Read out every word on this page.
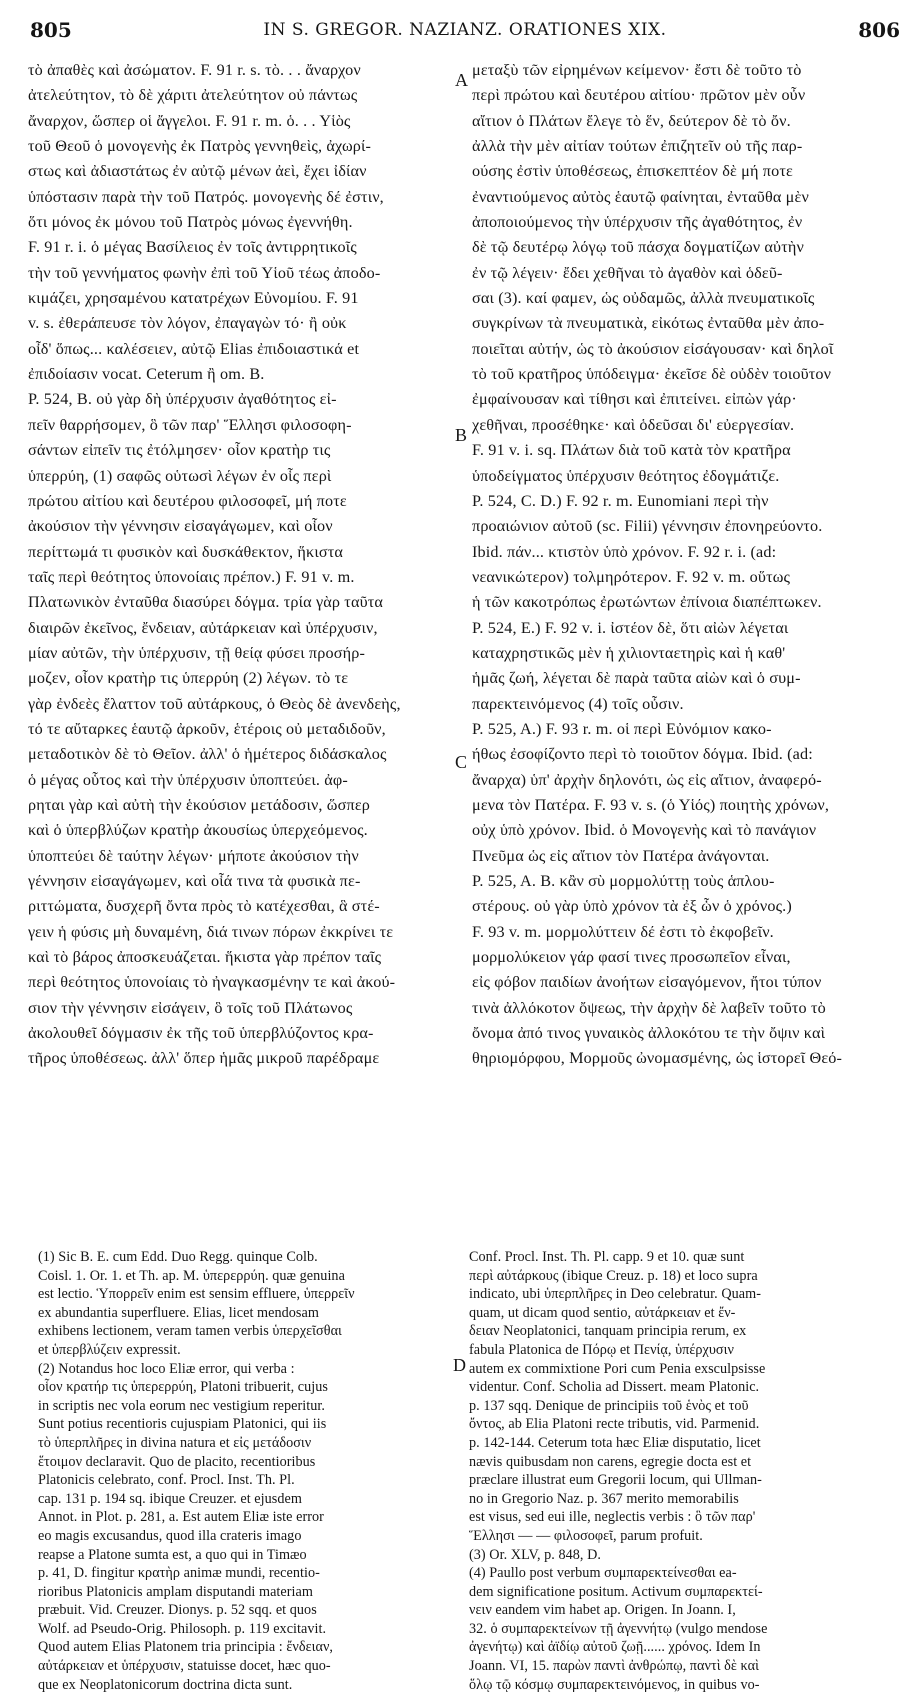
805	IN S. GREGOR. NAZIANZ. ORATIONES XIX.	806
τὸ ἀπαθὲς καὶ ἀσώματον. F. 91 r. s. τὸ. . . ἄναρχον
ἀτελεύτητον, τὸ δὲ χάριτι ἀτελεύτητον οὐ πάντως
ἄναρχον, ὥσπερ οἱ ἄγγελοι. F. 91 r. m. ὁ. . . Υἱὸς
τοῦ Θεοῦ ὁ μονογενὴς ἐκ Πατρὸς γεννηθεὶς, ἀχωρί-
στως καὶ ἀδιαστάτως ἐν αὐτῷ μένων ἀεὶ, ἔχει ἰδίαν
ὑπόστασιν παρὰ τὴν τοῦ Πατρός. μονογενὴς δέ ἐστιν,
ὅτι μόνος ἐκ μόνου τοῦ Πατρὸς μόνως ἐγεννήθη.
F. 91 r. i. ὁ μέγας Βασίλειος ἐν τοῖς ἀντιρρητικοῖς
τὴν τοῦ γεννήματος φωνὴν ἐπὶ τοῦ Υἱοῦ τέως ἀποδο-
κιμάζει, χρησαμένου κατατρέχων Εὐνομίου. F. 91
v. s. ἐθεράπευσε τὸν λόγον, ἐπαγαγὼν τό· ἢ οὐκ
οἶδ' ὅπως... καλέσειεν, αὐτῷ Elias ἐπιδοιαστικά et
ἐπιδοίασιν vocat. Ceterum ἢ om. B.
P. 524, B. οὐ γὰρ δὴ ὑπέρχυσιν ἀγαθότητος εἰ-
πεῖν θαρρήσομεν, ὃ τῶν παρ' Ἕλλησι φιλοσοφη-
σάντων εἰπεῖν τις ἐτόλμησεν· οἷον κρατὴρ τις
ὑπερρύη, (1) σαφῶς οὑτωσὶ λέγων ἐν οἷς περὶ
πρώτου αἰτίου καὶ δευτέρου φιλοσοφεῖ, μή ποτε
ἀκούσιον τὴν γέννησιν εἰσαγάγωμεν, καὶ οἷον
περίττωμά τι φυσικὸν καὶ δυσκάθεκτον, ἥκιστα
ταῖς περὶ θεότητος ὑπονοίαις πρέπον.) F. 91 v. m.
Πλατωνικὸν ἐνταῦθα διασύρει δόγμα. τρία γὰρ ταῦτα
διαιρῶν ἐκεῖνος, ἔνδειαν, αὐτάρκειαν καὶ ὑπέρχυσιν,
μίαν αὐτῶν, τὴν ὑπέρχυσιν, τῇ θείᾳ φύσει προσήρ-
μοζεν, οἷον κρατὴρ τις ὑπερρύη (2) λέγων. τὸ τε
γὰρ ἐνδεὲς ἔλαττον τοῦ αὐτάρκους, ὁ Θεὸς δὲ ἀνενδεὴς,
τό τε αὔταρκες ἑαυτῷ ἀρκοῦν, ἑτέροις οὐ μεταδιδοῦν,
μεταδοτικὸν δὲ τὸ Θεῖον. ἀλλ' ὁ ἡμέτερος διδάσκαλος
ὁ μέγας οὗτος καὶ τὴν ὑπέρχυσιν ὑποπτεύει. ἀφ-
ρηται γὰρ καὶ αὐτὴ τὴν ἑκούσιον μετάδοσιν, ὥσπερ
καὶ ὁ ὑπερβλύζων κρατὴρ ἀκουσίως ὑπερχεόμενος.
ὑποπτεύει δὲ ταύτην λέγων· μήποτε ἀκούσιον τὴν
γέννησιν εἰσαγάγωμεν, καὶ οἷά τινα τὰ φυσικὰ πε-
ριττώματα, δυσχερῆ ὄντα πρὸς τὸ κατέχεσθαι, ἃ στέ-
γειν ἡ φύσις μὴ δυναμένη, διά τινων πόρων ἐκκρίνει τε
καὶ τὸ βάρος ἀποσκευάζεται. ἥκιστα γὰρ πρέπον ταῖς
περὶ θεότητος ὑπονοίαις τὸ ἠναγκασμένην τε καὶ ἀκού-
σιον τὴν γέννησιν εἰσάγειν, ὃ τοῖς τοῦ Πλάτωνος
ἀκολουθεῖ δόγμασιν ἐκ τῆς τοῦ ὑπερβλύζοντος κρα-
τῆρος ὑποθέσεως. ἀλλ' ὅπερ ἡμᾶς μικροῦ παρέδραμε
μεταξὺ τῶν εἰρημένων κείμενον· ἔστι δὲ τοῦτο τὸ
περὶ πρώτου καὶ δευτέρου αἰτίου· πρῶτον μὲν οὖν
αἴτιον ὁ Πλάτων ἔλεγε τὸ ἕν, δεύτερον δὲ τὸ ὄν.
ἀλλὰ τὴν μὲν αἰτίαν τούτων ἐπιζητεῖν οὐ τῆς παρ-
ούσης ἐστὶν ὑποθέσεως, ἐπισκεπτέον δὲ μή ποτε
ἐναντιούμενος αὐτὸς ἑαυτῷ φαίνηται, ἐνταῦθα μὲν
ἀποποιούμενος τὴν ὑπέρχυσιν τῆς ἀγαθότητος, ἐν
δὲ τῷ δευτέρῳ λόγῳ τοῦ πάσχα δογματίζων αὐτὴν
ἐν τῷ λέγειν· ἔδει χεθῆναι τὸ ἀγαθὸν καὶ ὁδεῦ-
σαι (3). καί φαμεν, ὡς οὐδαμῶς, ἀλλὰ πνευματικοῖς
συγκρίνων τὰ πνευματικὰ, εἰκότως ἐνταῦθα μὲν ἀπο-
ποιεῖται αὐτήν, ὡς τὸ ἀκούσιον εἰσάγουσαν· καὶ δηλοῖ
τὸ τοῦ κρατῆρος ὑπόδειγμα· ἐκεῖσε δὲ οὐδὲν τοιοῦτον
ἐμφαίνουσαν καὶ τίθησι καὶ ἐπιτείνει. εἰπὼν γάρ·
χεθῆναι, προσέθηκε· καὶ ὁδεῦσαι δι' εὐεργεσίαν.
F. 91 v. i. sq. Πλάτων διὰ τοῦ κατὰ τὸν κρατῆρα
ὑποδείγματος ὑπέρχυσιν θεότητος ἐδογμάτιζε.
P. 524, C. D.) F. 92 r. m. Eunomiani περὶ τὴν
προαιώνιον αὐτοῦ (sc. Filii) γέννησιν ἐπονηρεύοντο.
Ibid. πάν... κτιστὸν ὑπὸ χρόνον. F. 92 r. i. (ad:
νεανικώτερον) τολμηρότερον. F. 92 v. m. οὕτως
ἡ τῶν κακοτρόπως ἐρωτώντων ἐπίνοια διαπέπτωκεν.
P. 524, E.) F. 92 v. i. ἰστέον δὲ, ὅτι αἰὼν λέγεται
καταχρηστικῶς μὲν ἡ χιλιονταετηρὶς καὶ ἡ καθ'
ἡμᾶς ζωή, λέγεται δὲ παρὰ ταῦτα αἰὼν καὶ ὁ συμ-
παρεκτεινόμενος (4) τοῖς οὖσιν.
P. 525, A.) F. 93 r. m. οἱ περὶ Εὐνόμιον κακο-
ήθως ἐσοφίζοντο περὶ τὸ τοιοῦτον δόγμα. Ibid. (ad:
ἄναρχα) ὑπ' ἀρχὴν δηλονότι, ὡς εἰς αἴτιον, ἀναφερό-
μενα τὸν Πατέρα. F. 93 v. s. (ὁ Υἱός) ποιητὴς χρόνων,
οὐχ ὑπὸ χρόνον. Ibid. ὁ Μονογενὴς καὶ τὸ πανάγιον
Πνεῦμα ὡς εἰς αἴτιον τὸν Πατέρα ἀνάγονται.
P. 525, A. B. κἂν σὺ μορμολύττῃ τοὺς ἁπλου-
στέρους. οὐ γὰρ ὑπὸ χρόνον τὰ ἐξ ὧν ὁ χρόνος.)
F. 93 v. m. μορμολύττειν δέ ἐστι τὸ ἐκφοβεῖν.
μορμολύκειον γάρ φασί τινες προσωπεῖον εἶναι,
εἰς φόβον παιδίων ἀνοήτων εἰσαγόμενον, ἤτοι τύπον
τινὰ ἀλλόκοτον ὄψεως, τὴν ἀρχὴν δὲ λαβεῖν τοῦτο τὸ
ὄνομα ἀπό τινος γυναικὸς ἀλλοκότου τε τὴν ὄψιν καὶ
θηριομόρφου, Μορμοῦς ὠνομασμένης, ὡς ἱστορεῖ Θεό-
A
B
C
D
(1) Sic B. E. cum Edd. Duo Regg. quinque Colb.
Coisl. 1. Or. 1. et Th. ap. M. ὑπερερρύη. quæ genuina
est lectio. Ὑπορρεῖν enim est sensim effluere, ὑπερρεῖν
ex abundantia superfluere. Elias, licet mendosam
exhibens lectionem, veram tamen verbis ὑπερχεῖσθαι
et ὑπερβλύζειν expressit.
(2) Notandus hoc loco Eliæ error, qui verba :
οἷον κρατήρ τις ὑπερερρύη, Platoni tribuerit, cujus
in scriptis nec vola eorum nec vestigium reperitur.
Sunt potius recentioris cujuspiam Platonici, qui iis
τὸ ὑπερπλῆρες in divina natura et εἰς μετάδοσιν
ἕτοιμον declaravit. Quo de placito, recentioribus
Platonicis celebrato, conf. Procl. Inst. Th. Pl.
cap. 131 p. 194 sq. ibique Creuzer. et ejusdem
Annot. in Plot. p. 281, a. Est autem Eliæ iste error
eo magis excusandus, quod illa crateris imago
reapse a Platone sumta est, a quo qui in Timæo
p. 41, D. fingitur κρατὴρ animæ mundi, recentio-
rioribus Platonicis amplam disputandi materiam
præbuit. Vid. Creuzer. Dionys. p. 52 sqq. et quos
Wolf. ad Pseudo-Orig. Philosoph. p. 119 excitavit.
Quod autem Elias Platonem tria principia : ἔνδειαν,
αὐτάρκειαν et ὑπέρχυσιν, statuisse docet, hæc quo-
que ex Neoplatonicorum doctrina dicta sunt.
Conf. Procl. Inst. Th. Pl. capp. 9 et 10. quæ sunt
περὶ αὐτάρκους (ibique Creuz. p. 18) et loco supra
indicato, ubi ὑπερπλῆρες in Deo celebratur. Quam-
quam, ut dicam quod sentio, αὐτάρκειαν et ἔν-
δειαν Neoplatonici, tanquam principia rerum, ex
fabula Platonica de Πόρῳ et Πενίᾳ, ὑπέρχυσιν
autem ex commixtione Pori cum Penia exsculpsisse
videntur. Conf. Scholia ad Dissert. meam Platonic.
p. 137 sqq. Denique de principiis τοῦ ἑνὸς et τοῦ
ὄντος, ab Elia Platoni recte tributis, vid. Parmenid.
p. 142-144. Ceterum tota hæc Eliæ disputatio, licet
nævis quibusdam non carens, egregie docta est et
præclare illustrat eum Gregorii locum, qui Ullman-
no in Gregorio Naz. p. 367 merito memorabilis
est visus, sed eui ille, neglectis verbis : ὃ τῶν παρ'
Ἕλλησι — — φιλοσοφεῖ, parum profuit.
(3) Or. XLV, p. 848, D.
(4) Paullo post verbum συμπαρεκτείνεσθαι ea-
dem significatione positum. Activum συμπαρεκτεί-
νειν eandem vim habet ap. Origen. In Joann. I,
32. ὁ συμπαρεκτείνων τῇ ἀγεννήτῳ (vulgo mendose
ἀγενήτῳ) καὶ ἀϊδίῳ αὐτοῦ ζωῇ...... χρόνος. Idem In
Joann. VI, 15. παρὼν παντὶ ἀνθρώπῳ, παντὶ δὲ καὶ
ὅλῳ τῷ κόσμῳ συμπαρεκτεινόμενος, in quibus vo-
